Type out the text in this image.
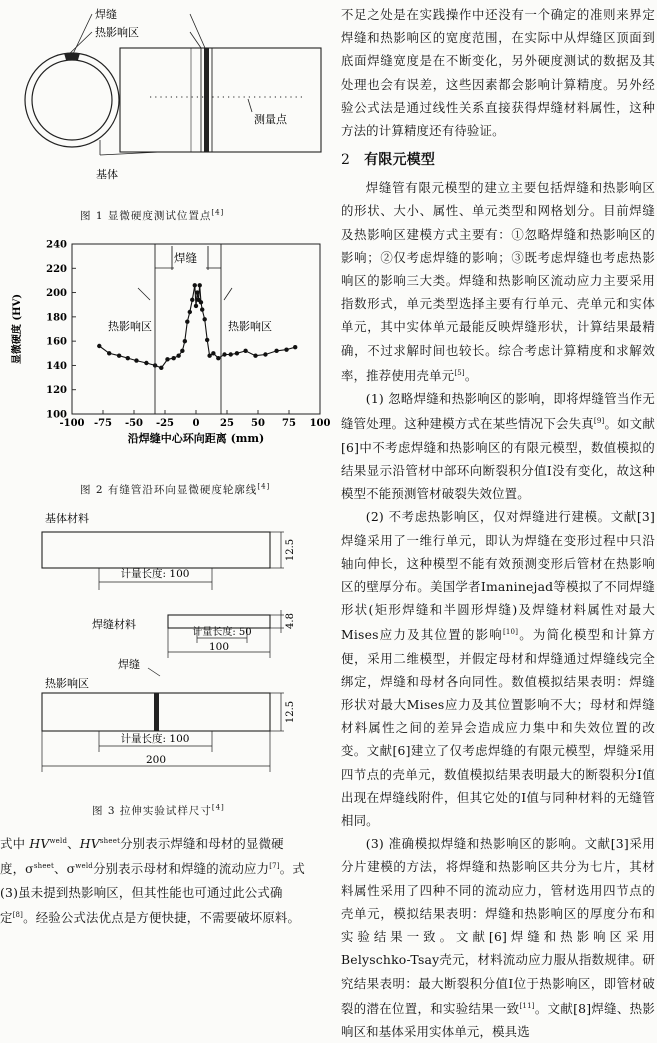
焊缝
热影响区
测量点
基体
图 1 显微硬度测试位置点[4]
-100 -75 -50 -25 0 25 50 75 100
100
120
140
160
180
200
220
240
焊缝
热影响区	热影响区
沿焊缝中心环向距离 (mm)
显微硬度 (HV)
图 2 有缝管沿环向显微硬度轮廓线[4]
基体材料
12.5
计量长度: 100
焊缝材料	4.8
计量长度: 50
100
焊缝
热影响区
12.5
计量长度: 100
200
图 3 拉伸实验试样尺寸[4]

式中 $HV^{weld}$、$HV^{sheet}$分别表示焊缝和母材的显微硬

度，$\sigma^{sheet}$、$\sigma^{weld}$分别表示母材和焊缝的流动应力[7]。式

(3)虽未提到热影响区，但其性能也可通过此公式确

定[8]。经验公式法优点是方便快捷，不需要破坏原料。

不足之处是在实践操作中还没有一个确定的准则来界定焊缝和热影响区的宽度范围，在实际中从焊缝区顶面到底面焊缝宽度是在不断变化，另外硬度测试的数据及其处理也会有误差，这些因素都会影响计算精度。另外经验公式法是通过线性关系直接获得焊缝材料属性，这种方法的计算精度还有待验证。

2 有限元模型

焊缝管有限元模型的建立主要包括焊缝和热影响区的形状、大小、属性、单元类型和网格划分。目前焊缝及热影响区建模方式主要有：①忽略焊缝和热影响区的影响；②仅考虑焊缝的影响；③既考虑焊缝也考虑热影响区的影响三大类。焊缝和热影响区流动应力主要采用指数形式，单元类型选择主要有行单元、壳单元和实体单元，其中实体单元最能反映焊缝形状，计算结果最精确，不过求解时间也较长。综合考虑计算精度和求解效率，推荐使用壳单元[5]。

(1) 忽略焊缝和热影响区的影响，即将焊缝管当作无缝管处理。这种建模方式在某些情况下会失真[9]。如文献[6]中不考虑焊缝和热影响区的有限元模型，数值模拟的结果显示沿管材中部环向断裂积分值I没有变化，故这种模型不能预测管材破裂失效位置。

(2) 不考虑热影响区，仅对焊缝进行建模。文献[3]焊缝采用了一维行单元，即认为焊缝在变形过程中只沿轴向伸长，这种模型不能有效预测变形后管材在热影响区的壁厚分布。美国学者Imaninejad等模拟了不同焊缝形状(矩形焊缝和半圆形焊缝)及焊缝材料属性对最大Mises应力及其位置的影响[10]。为简化模型和计算方便，采用二维模型，并假定母材和焊缝通过焊缝线完全绑定，焊缝和母材各向同性。数值模拟结果表明：焊缝形状对最大Mises应力及其位置影响不大；母材和焊缝材料属性之间的差异会造成应力集中和失效位置的改变。文献[6]建立了仅考虑焊缝的有限元模型，焊缝采用四节点的壳单元，数值模拟结果表明最大的断裂积分I值出现在焊缝线附件，但其它处的I值与同种材料的无缝管相同。

(3) 准确模拟焊缝和热影响区的影响。文献[3]采用分片建模的方法，将焊缝和热影响区共分为七片，其材料属性采用了四种不同的流动应力，管材选用四节点的壳单元，模拟结果表明：焊缝和热影响区的厚度分布和实验结果一致。文献[6]焊缝和热影响区采用Belyschko-Tsay壳元，材料流动应力服从指数规律。研究结果表明：最大断裂积分值I位于热影响区，即管材破裂的潜在位置，和实验结果一致[11]。文献[8]焊缝、热影响区和基体采用实体单元，模具选
